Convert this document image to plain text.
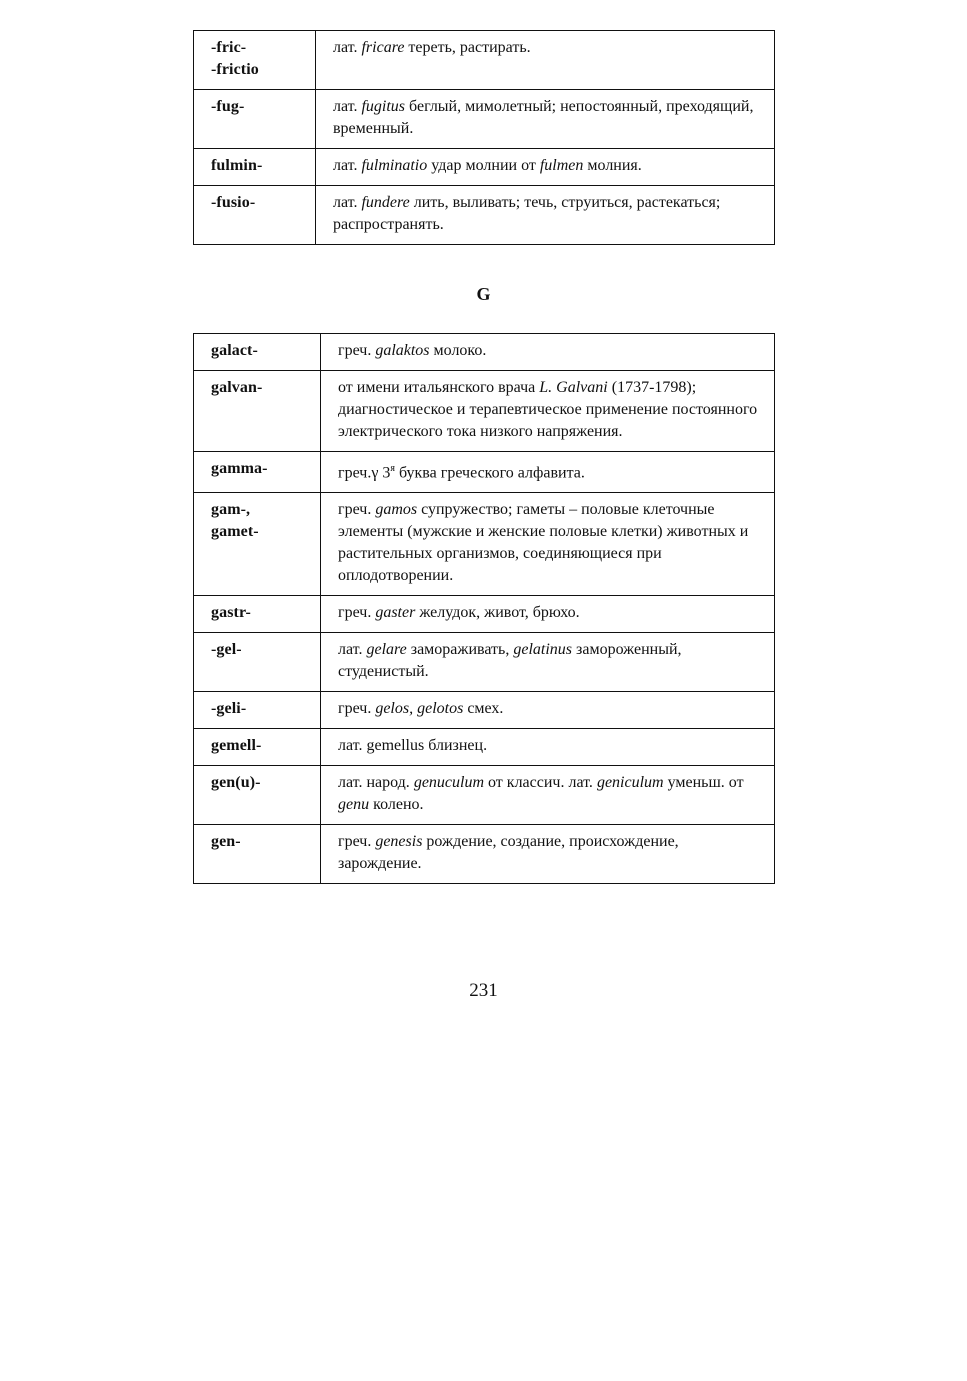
-fric-
-frictio	лат. fricare тереть, растирать.

-fug-	лат. fugitus беглый, мимолетный; непостоянный, преходящий, временный.

fulmin-	лат. fulminatio удар молнии от fulmen молния.

-fusio-	лат. fundere лить, выливать; течь, струиться, растекаться; распространять.
G
galact-	греч. galaktos молоко.

galvan-	от имени итальянского врача L. Galvani (1737-1798); диагностическое и терапевтическое применение постоянного электрического тока низкого напряжения.

gamma-	греч.γ $3^я$ буква греческого алфавита.

gam-,
gamet-	греч. gamos супружество; гаметы – половые клеточные элементы (мужские и женские половые клетки) животных и растительных организмов, соединяющиеся при оплодотворении.

gastr-	греч. gaster желудок, живот, брюхо.

-gel-	лат. gelare замораживать, gelatinus замороженный, студенистый.

-geli-	греч. gelos, gelotos смех.

gemell-	лат. gemellus близнец.

gen(u)-	лат. народ. genuculum от классич. лат. geniculum уменьш. от genu колено.

gen-	греч. genesis рождение, создание, происхождение, зарождение.
231
